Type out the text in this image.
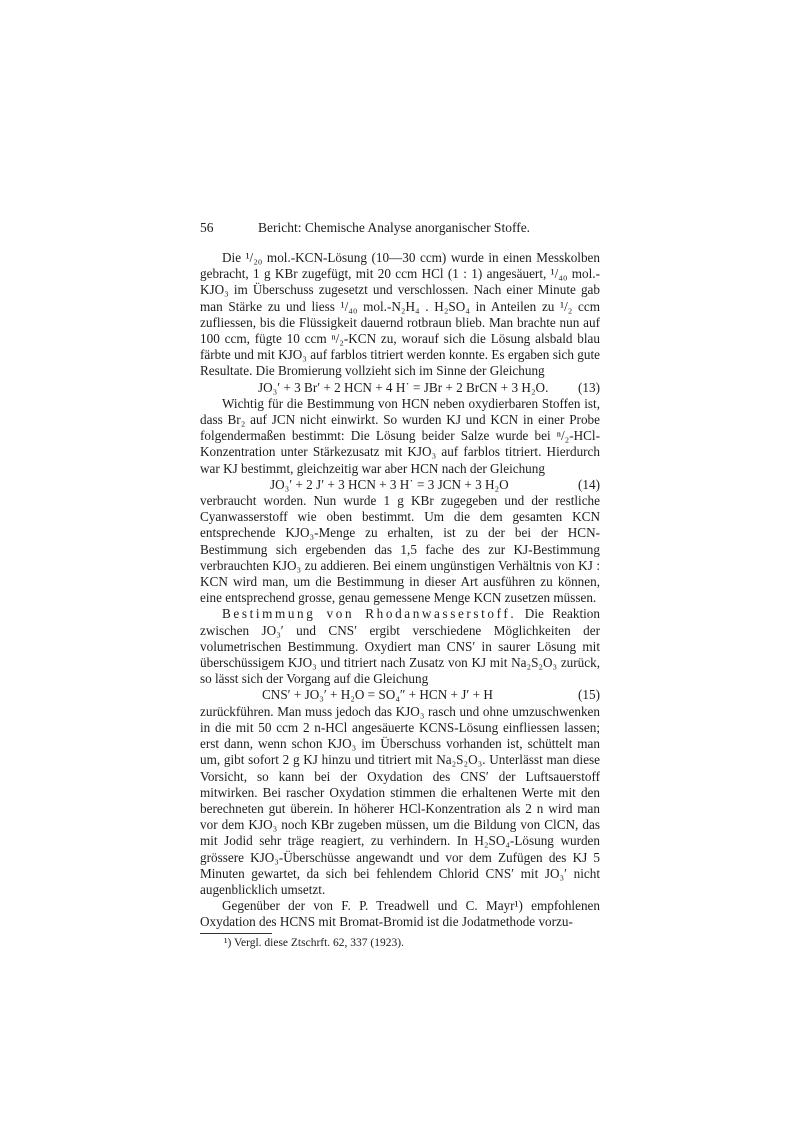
56	Bericht: Chemische Analyse anorganischer Stoffe.

Die ¹/₂₀ mol.-KCN-Lösung (10—30 ccm) wurde in einen Messkolben gebracht, 1 g KBr zugefügt, mit 20 ccm HCl (1 : 1) angesäuert, ¹/₄₀ mol.-KJO₃ im Überschuss zugesetzt und verschlossen. Nach einer Minute gab man Stärke zu und liess ¹/₄₀ mol.-N₂H₄ . H₂SO₄ in Anteilen zu ¹/₂ ccm zufliessen, bis die Flüssigkeit dauernd rotbraun blieb. Man brachte nun auf 100 ccm, fügte 10 ccm ⁿ/₂-KCN zu, worauf sich die Lösung alsbald blau färbte und mit KJO₃ auf farblos titriert werden konnte. Es ergaben sich gute Resultate. Die Bromierung vollzieht sich im Sinne der Gleichung

JO₃′ + 3 Br′ + 2 HCN + 4 H˙ = JBr + 2 BrCN + 3 H₂O.	(13)

Wichtig für die Bestimmung von HCN neben oxydierbaren Stoffen ist, dass Br₂ auf JCN nicht einwirkt. So wurden KJ und KCN in einer Probe folgendermaßen bestimmt: Die Lösung beider Salze wurde bei ⁿ/₂-HCl-Konzentration unter Stärkezusatz mit KJO₃ auf farblos titriert. Hierdurch war KJ bestimmt, gleichzeitig war aber HCN nach der Gleichung

JO₃′ + 2 J′ + 3 HCN + 3 H˙ = 3 JCN + 3 H₂O	(14)

verbraucht worden. Nun wurde 1 g KBr zugegeben und der restliche Cyanwasserstoff wie oben bestimmt. Um die dem gesamten KCN entsprechende KJO₃-Menge zu erhalten, ist zu der bei der HCN-Bestimmung sich ergebenden das 1,5 fache des zur KJ-Bestimmung verbrauchten KJO₃ zu addieren. Bei einem ungünstigen Verhältnis von KJ : KCN wird man, um die Bestimmung in dieser Art ausführen zu können, eine entsprechend grosse, genau gemessene Menge KCN zusetzen müssen.

Bestimmung von Rhodanwasserstoff. Die Reaktion zwischen JO₃′ und CNS′ ergibt verschiedene Möglichkeiten der volumetrischen Bestimmung. Oxydiert man CNS′ in saurer Lösung mit überschüssigem KJO₃ und titriert nach Zusatz von KJ mit Na₂S₂O₃ zurück, so lässt sich der Vorgang auf die Gleichung

CNS′ + JO₃′ + H₂O = SO₄″ + HCN + J′ + H	(15)

zurückführen. Man muss jedoch das KJO₃ rasch und ohne umzuschwenken in die mit 50 ccm 2 n-HCl angesäuerte KCNS-Lösung einfliessen lassen; erst dann, wenn schon KJO₃ im Überschuss vorhanden ist, schüttelt man um, gibt sofort 2 g KJ hinzu und titriert mit Na₂S₂O₃. Unterlässt man diese Vorsicht, so kann bei der Oxydation des CNS′ der Luftsauerstoff mitwirken. Bei rascher Oxydation stimmen die erhaltenen Werte mit den berechneten gut überein. In höherer HCl-Konzentration als 2 n wird man vor dem KJO₃ noch KBr zugeben müssen, um die Bildung von ClCN, das mit Jodid sehr träge reagiert, zu verhindern. In H₂SO₄-Lösung wurden grössere KJO₃-Überschüsse angewandt und vor dem Zufügen des KJ 5 Minuten gewartet, da sich bei fehlendem Chlorid CNS′ mit JO₃′ nicht augenblicklich umsetzt.

Gegenüber der von F. P. Treadwell und C. Mayr¹) empfohlenen Oxydation des HCNS mit Bromat-Bromid ist die Jodatmethode vorzu-

¹) Vergl. diese Ztschrft. 62, 337 (1923).
